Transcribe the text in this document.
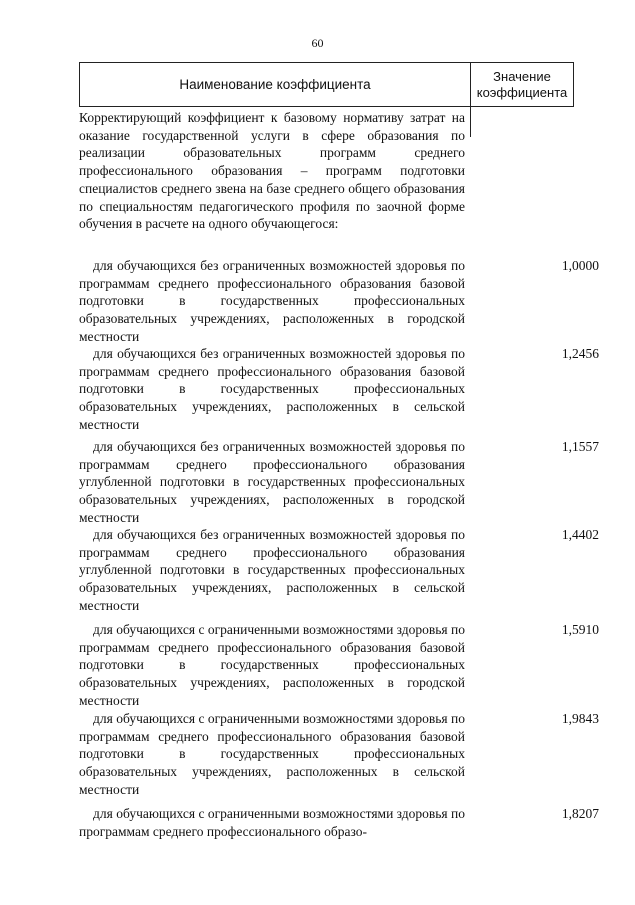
60
Наименование коэффициента
Значение
коэффициента

Корректирующий коэффициент к базовому нормативу затрат на оказание государственной услуги в сфере образования по реализации образовательных программ среднего профессионального образования – программ подготовки специалистов среднего звена на базе среднего общего образования по специальностям педагогического профиля по заочной форме обучения в расчете на одного обучающегося:

для обучающихся без ограниченных возможностей здоровья по программам среднего профессионального образования базовой подготовки в государственных профессиональных образовательных учреждениях, расположенных в городской местности
1,0000
для обучающихся без ограниченных возможностей здоровья по программам среднего профессионального образования базовой подготовки в государственных профессиональных образовательных учреждениях, расположенных в сельской местности
1,2456
для обучающихся без ограниченных возможностей здоровья по программам среднего профессионального образования углубленной подготовки в государственных профессиональных образовательных учреждениях, расположенных в городской местности
1,1557
для обучающихся без ограниченных возможностей здоровья по программам среднего профессионального образования углубленной подготовки в государственных профессиональных образовательных учреждениях, расположенных в сельской местности
1,4402
для обучающихся с ограниченными возможностями здоровья по программам среднего профессионального образования базовой подготовки в государственных профессиональных образовательных учреждениях, расположенных в городской местности
1,5910
для обучающихся с ограниченными возможностями здоровья по программам среднего профессионального образования базовой подготовки в государственных профессиональных образовательных учреждениях, расположенных в сельской местности
1,9843
для обучающихся с ограниченными возможностями здоровья по программам среднего профессионального образо-
1,8207
